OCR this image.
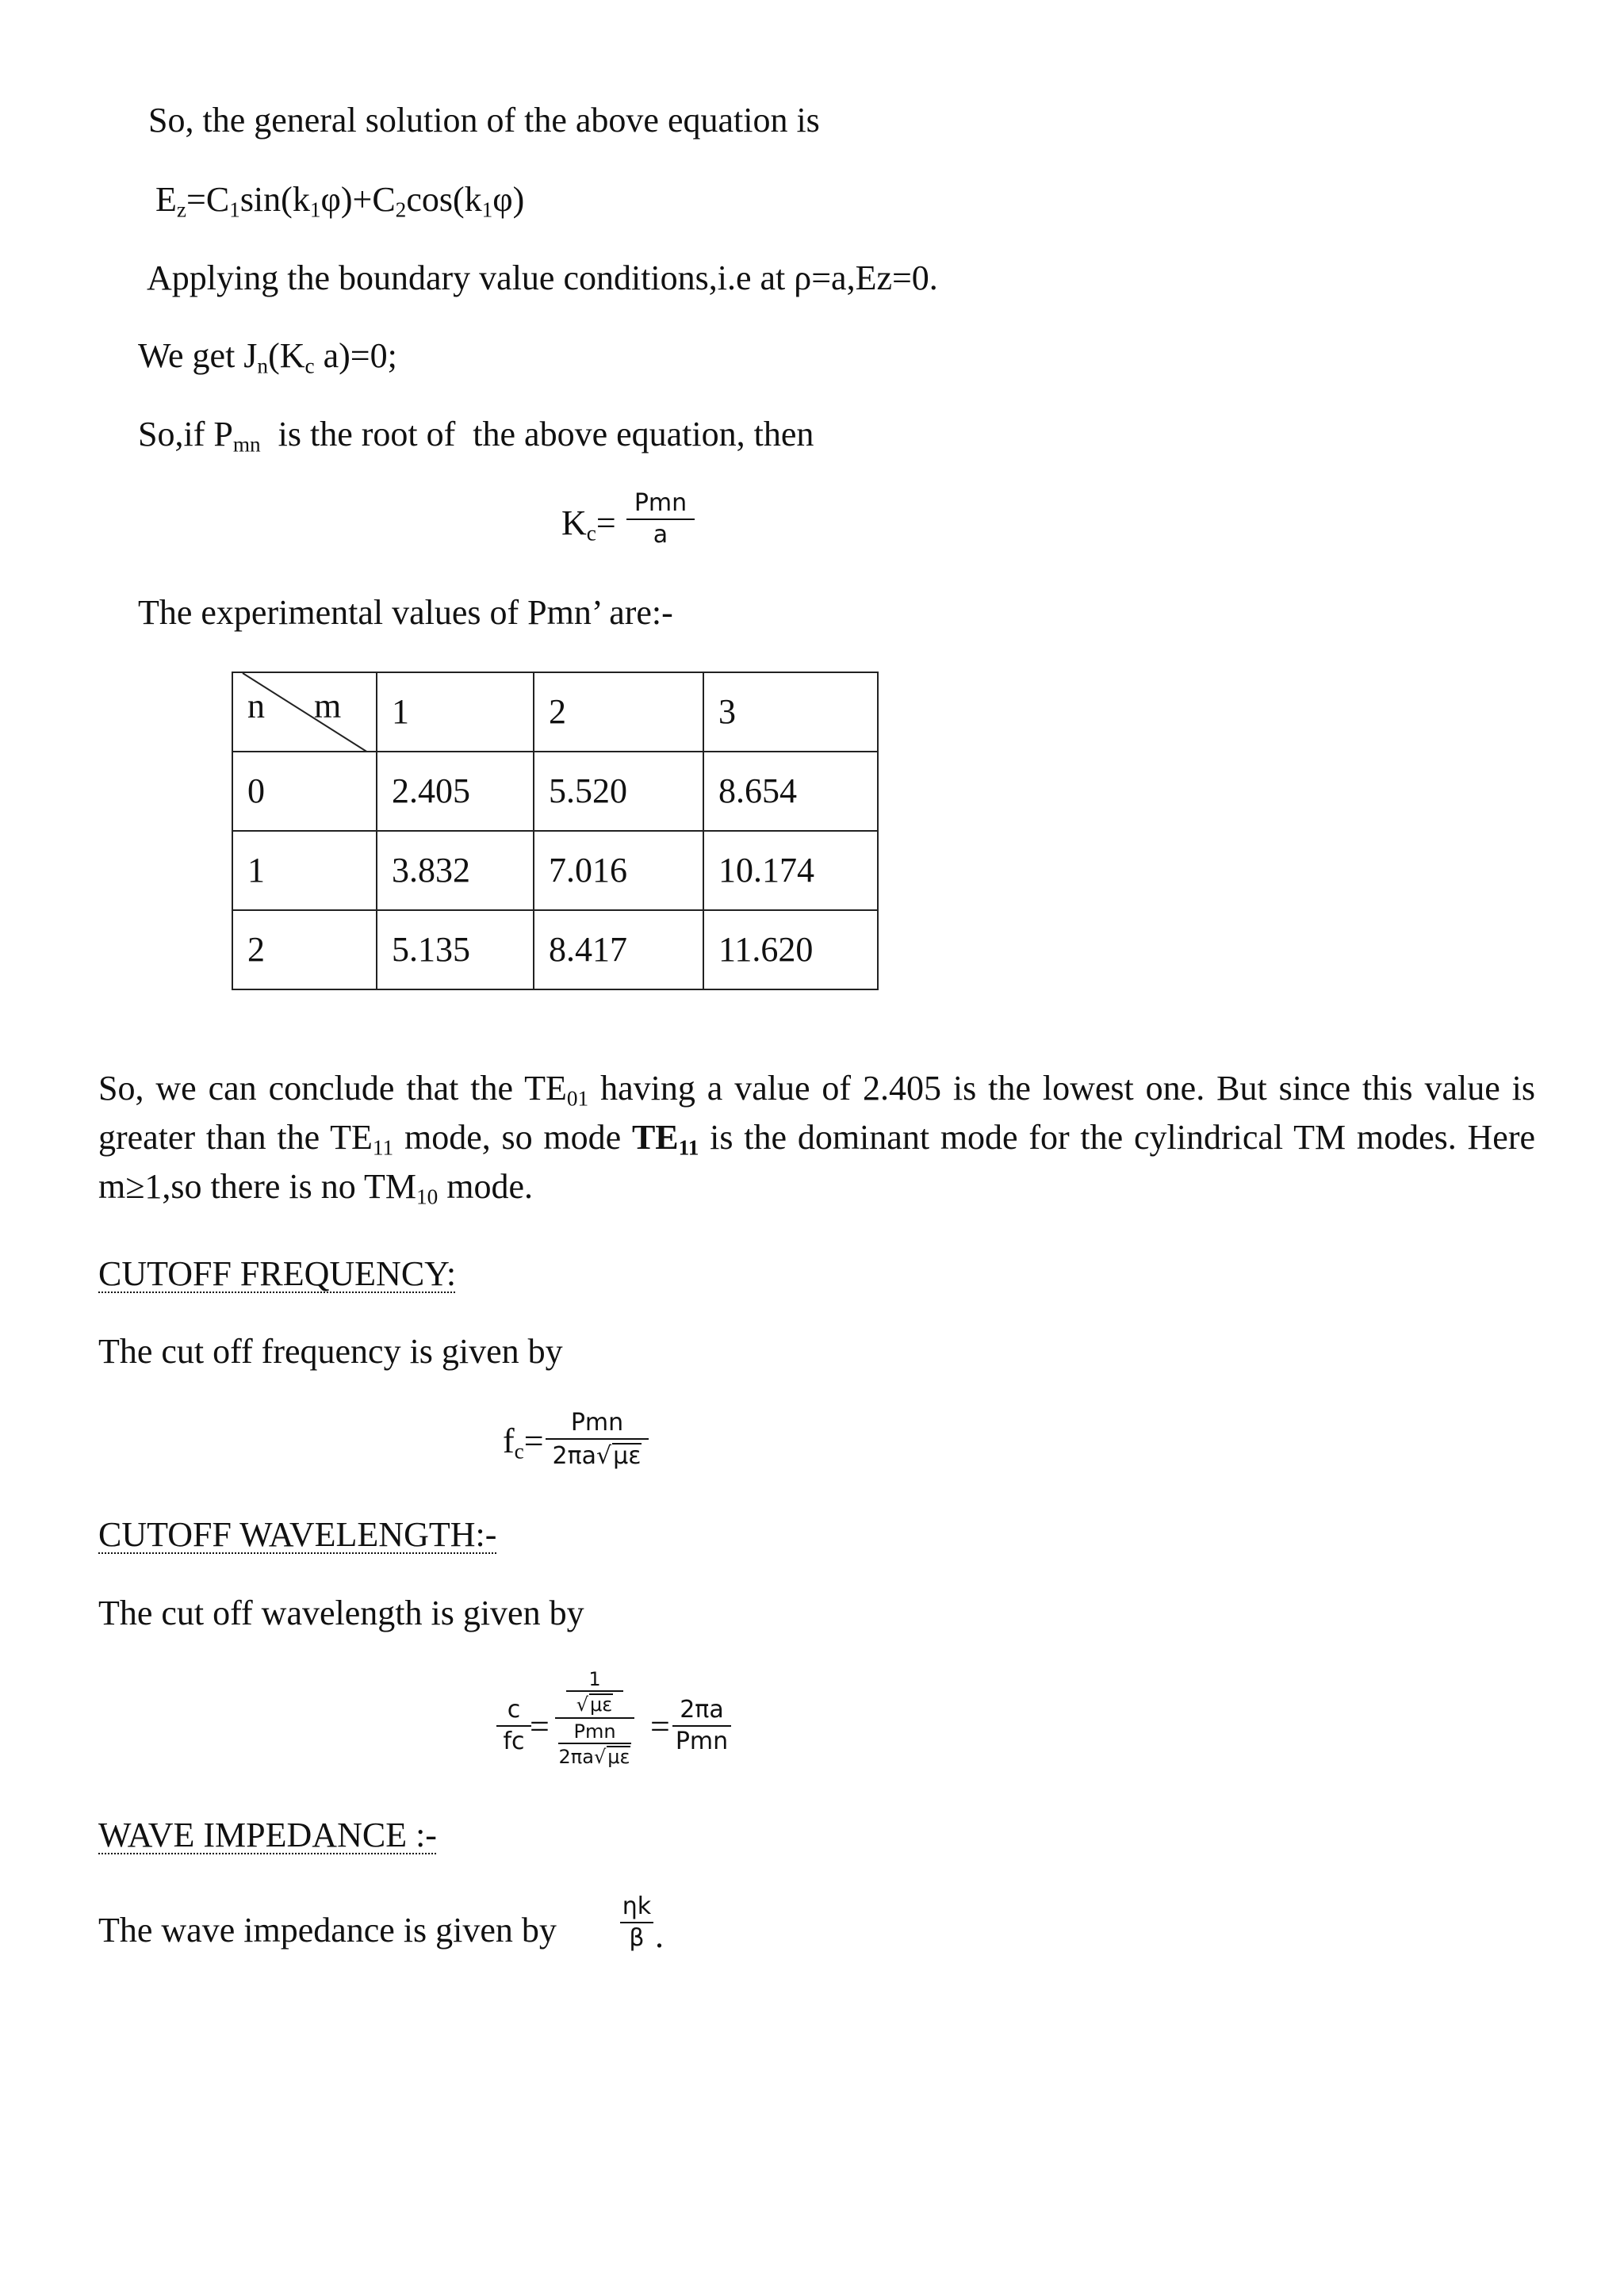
So, the general solution of the above equation is
$E_z=C_1\sin(k_1\varphi)+C_2\cos(k_1\varphi)$
Applying the boundary value conditions,i.e at ρ=a,Ez=0.
We get $J_n(K_c$ a)=0;
So,if $P_{mn}$  is the root of  the above equation, then
$K_c=$
Pmn
a
The experimental values of Pmn’ are:-
n m	1	2	3
0	2.405	5.520	8.654
1	3.832	7.016	10.174
2	5.135	8.417	11.620
So, we can conclude that the $TE_{01}$ having a value of 2.405 is the lowest one. But since this value is greater than the $TE_{11}$ mode, so mode $TE_{11}$ is the dominant mode for the cylindrical TM modes. Here m≥1,so there is no $TM_{10}$ mode.
CUTOFF FREQUENCY:
The cut off frequency is given by
$f_c=$	Pmn
2πa√με
CUTOFF WAVELENGTH:-
The cut off wavelength is given by
c
fc =
1
√με
Pmn
2πa√με
= 2πa
Pmn
WAVE IMPEDANCE :-
The wave impedance is given by
ηk
β .
